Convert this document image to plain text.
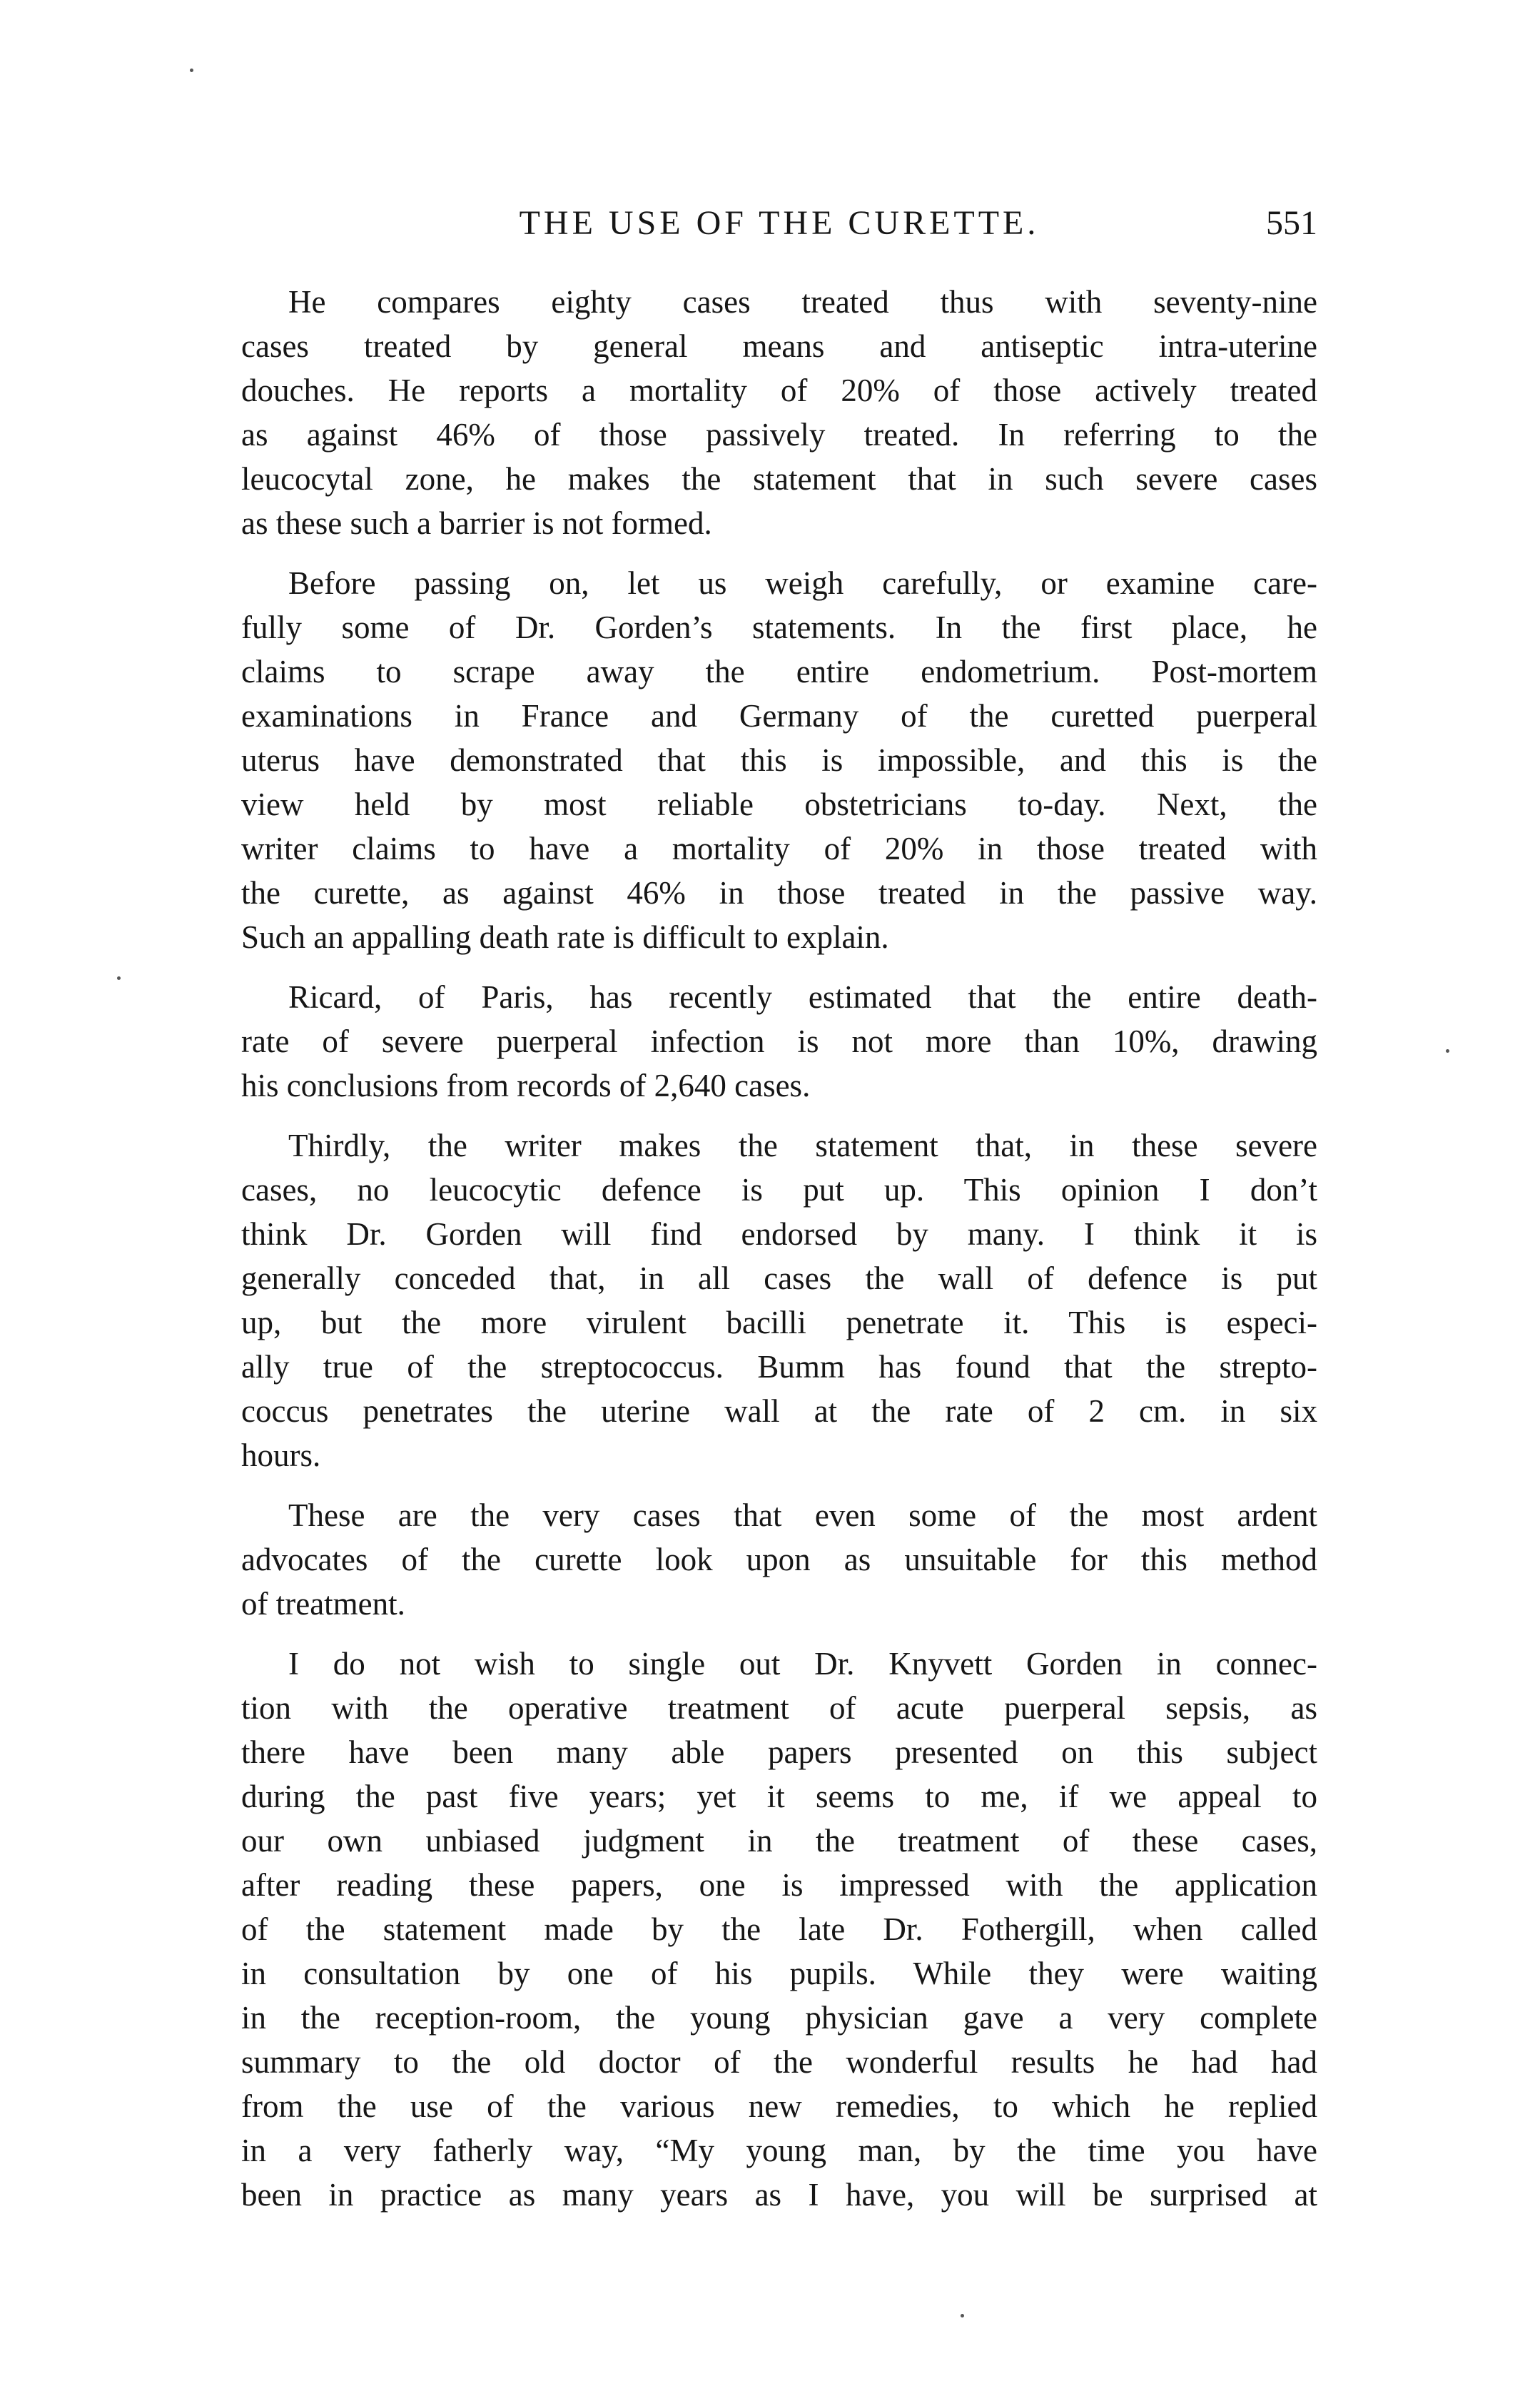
THE USE OF THE CURETTE.	551

He compares eighty cases treated thus with seventy-nine
cases treated by general means and antiseptic intra-uterine
douches. He reports a mortality of 20% of those actively treated
as against 46% of those passively treated. In referring to the
leucocytal zone, he makes the statement that in such severe cases
as these such a barrier is not formed.

Before passing on, let us weigh carefully, or examine care-
fully some of Dr. Gorden’s statements. In the first place, he
claims to scrape away the entire endometrium. Post-mortem
examinations in France and Germany of the curetted puerperal
uterus have demonstrated that this is impossible, and this is the
view held by most reliable obstetricians to-day. Next, the
writer claims to have a mortality of 20% in those treated with
the curette, as against 46% in those treated in the passive way.
Such an appalling death rate is difficult to explain.

Ricard, of Paris, has recently estimated that the entire death-
rate of severe puerperal infection is not more than 10%, drawing
his conclusions from records of 2,640 cases.

Thirdly, the writer makes the statement that, in these severe
cases, no leucocytic defence is put up. This opinion I don’t
think Dr. Gorden will find endorsed by many. I think it is
generally conceded that, in all cases the wall of defence is put
up, but the more virulent bacilli penetrate it. This is especi-
ally true of the streptococcus. Bumm has found that the strepto-
coccus penetrates the uterine wall at the rate of 2 cm. in six
hours.

These are the very cases that even some of the most ardent
advocates of the curette look upon as unsuitable for this method
of treatment.

I do not wish to single out Dr. Knyvett Gorden in connec-
tion with the operative treatment of acute puerperal sepsis, as
there have been many able papers presented on this subject
during the past five years; yet it seems to me, if we appeal to
our own unbiased judgment in the treatment of these cases,
after reading these papers, one is impressed with the application
of the statement made by the late Dr. Fothergill, when called
in consultation by one of his pupils. While they were waiting
in the reception-room, the young physician gave a very complete
summary to the old doctor of the wonderful results he had had
from the use of the various new remedies, to which he replied
in a very fatherly way, “My young man, by the time you have
been in practice as many years as I have, you will be surprised at
